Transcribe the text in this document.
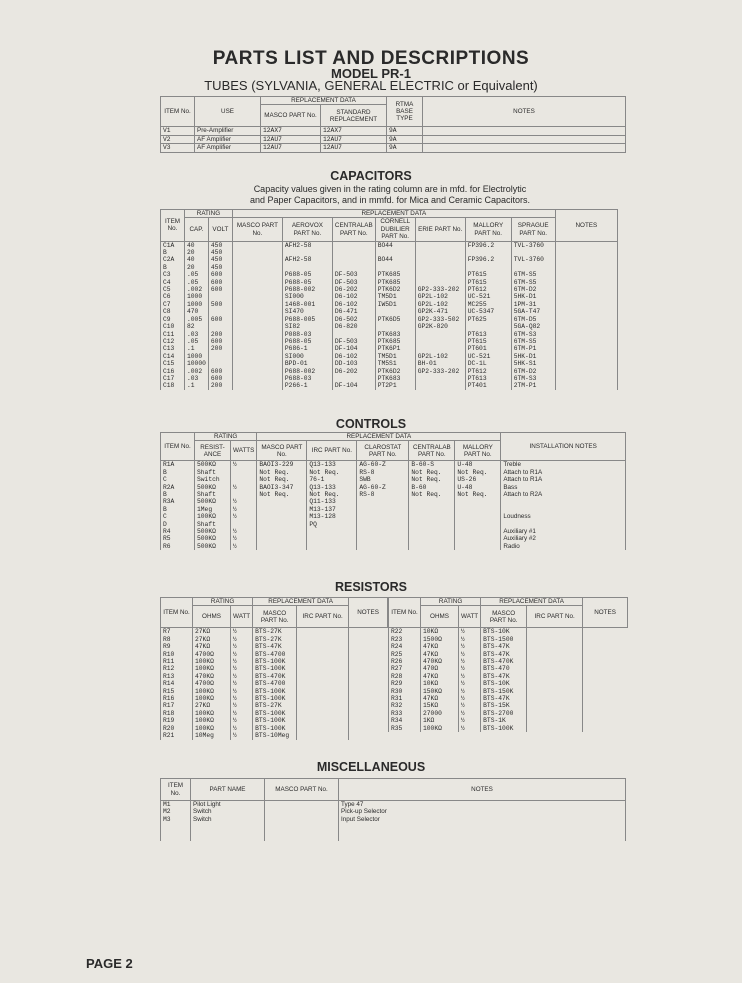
PARTS LIST AND DESCRIPTIONS
MODEL PR-1
TUBES (SYLVANIA, GENERAL ELECTRIC or Equivalent)
ITEM No.	USE	REPLACEMENT DATA		RTMA BASE TYPE	NOTES
		MASCO PART No.	STANDARD REPLACEMENT		
V1	Pre-Amplifier	12AX7	12AX7	9A	
V2	AF Amplifier	12AU7	12AU7	9A	
V3	AF Amplifier	12AU7	12AU7	9A	
CAPACITORS
Capacity values given in the rating column are in mfd. for Electrolytic
and Paper Capacitors, and in mmfd. for Mica and Ceramic Capacitors.
ITEM No.	RATING		REPLACEMENT DATA							NOTES
	CAP.	VOLT	MASCO PART No.	AEROVOX PART No.	CENTRALAB PART No.	CORNELL DUBILIER PART No.	ERIE PART No.	MALLORY PART No.	SPRAGUE PART No.	
C1A	40	450		AFH2-58		BO44		FP396.2	TVL-3760	
B	20	450								
C2A	40	450		AFH2-58		BO44		FP396.2	TVL-3760	
B	20	450								
C3	.05	600		P688-05	DF-503	PTK685		PT615	6TM-S5	
C4	.05	600		P688-05	DF-503	PTK685		PT615	6TM-S5	
C5	.002	600		P688-002	D6-202	PTK6D2	GP2-333-202	PT612	6TM-D2	
C6	1000			SI000	D6-102	TM5D1	GP2L-102	UC-521	5HK-D1	
C7	1000	500		1468-001	D6-102	IW5D1	GP2L-102	MC255	1PM-31	
C8	470			SI470	D6-471		GP2K-471	UC-5347	5GA-T47	
C9	.005	600		P688-005	D6-502	PTK6D5	GP2-333-502	PT625	6TM-D5	
C10	82			SI82	D6-820		GP2K-820		5GA-Q82	
C11	.03	200		P088-03		PTK683		PT613	6TM-S3	
C12	.05	600		P688-05	DF-503	PTK685		PT615	6TM-S5	
C13	.1	200		P686-1	DF-104	PTK6P1		PT601	6TM-P1	
C14	1000			SI000	D6-102	TM5D1	GP2L-102	UC-521	5HK-D1	
C15	10000			BPD-01	DD-103	TM5S1	BH-01	DC-1L	5HK-S1	
C16	.002	600		P688-002	D6-202	PTK6D2	GP2-333-202	PT612	6TM-D2	
C17	.03	600		P688-03		PTK683		PT613	6TM-S3	
C18	.1	200		P266-1	DF-104	PT2P1		PT401	2TM-P1	
CONTROLS
ITEM No.	RATING		REPLACEMENT DATA					INSTALLATION NOTES
	RESIST- ANCE	WATTS	MASCO PART No.	IRC PART No.	CLAROSTAT PART No.	CENTRALAB PART No.	MALLORY PART No.	
R1A	500KΩ	½	BAOI3-229	Q13-133	AG-60-Z	B-60-S	U-48	Treble
B	Shaft		Not Req.	Not Req.	RS-8	Not Req.	Not Req.	Attach to R1A
C	Switch		Not Req.	76-1	SWB	Not Req.	US-26	Attach to R1A
R2A	500KΩ	½	BAOI3-347	Q13-133	AG-60-Z	B-60	U-48	Bass
B	Shaft		Not Req.	Not Req.	RS-8	Not Req.	Not Req.	Attach to R2A
R3A	500KΩ	½		Q11-133				
B	1Meg	½		M13-137				
C	100KΩ	½		M13-128				Loudness
D	Shaft			PQ				
R4	500KΩ	½						Auxiliary #1
R5	500KΩ	½						Auxiliary #2
R6	500KΩ	½						Radio
RESISTORS
ITEM No.	RATING		REPLACEMENT DATA		NOTES
	OHMS	WATT	MASCO PART No.	IRC PART No.	
R7	27KΩ	½	BTS-27K		
R8	27KΩ	½	BTS-27K		
R9	47KΩ	½	BTS-47K		
R10	4700Ω	½	BTS-4700		
R11	100KΩ	½	BTS-100K		
R12	100KΩ	½	BTS-100K		
R13	470KΩ	½	BTS-470K		
R14	4700Ω	½	BTS-4700		
R15	100KΩ	½	BTS-100K		
R16	100KΩ	½	BTS-100K		
R17	27KΩ	½	BTS-27K		
R18	100KΩ	½	BTS-100K		
R19	100KΩ	½	BTS-100K		
R20	100KΩ	½	BTS-100K		
R21	10Meg	½	BTS-10Meg		
ITEM No.	RATING		REPLACEMENT DATA		NOTES
	OHMS	WATT	MASCO PART No.	IRC PART No.	
R22	10KΩ	½	BTS-10K		
R23	1500Ω	½	BTS-1500		
R24	47KΩ	½	BTS-47K		
R25	47KΩ	½	BTS-47K		
R26	470KΩ	½	BTS-470K		
R27	470Ω	½	BTS-470		
R28	47KΩ	½	BTS-47K		
R29	10KΩ	½	BTS-10K		
R30	150KΩ	½	BTS-150K		
R31	47KΩ	½	BTS-47K		
R32	15KΩ	½	BTS-15K		
R33	27000	½	BTS-2700		
R34	1KΩ	½	BTS-1K		
R35	100KΩ	½	BTS-100K		
MISCELLANEOUS
ITEM No.	PART NAME	MASCO PART No.	NOTES
M1	Pilot Light		Type 47
M2	Switch		Pick-up Selector
M3	Switch		Input Selector

PAGE 2
